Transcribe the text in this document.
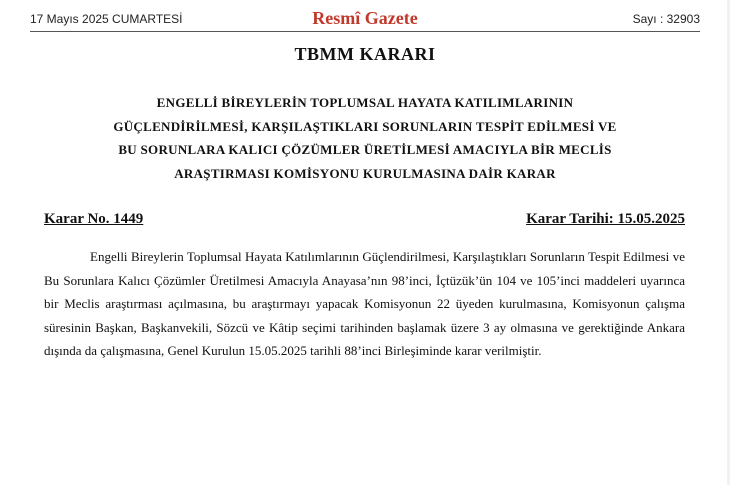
17 Mayıs 2025 CUMARTESİ	Resmî Gazete	Sayı : 32903
TBMM KARARI
ENGELLİ BİREYLERİN TOPLUMSAL HAYATA KATILIMLARININ
GÜÇLENDİRİLMESİ, KARŞILAŞTIKLARI SORUNLARIN TESPİT EDİLMESİ VE
BU SORUNLARA KALICI ÇÖZÜMLER ÜRETİLMESİ AMACIYLA BİR MECLİS
ARAŞTIRMASI KOMİSYONU KURULMASINA DAİR KARAR
Karar No. 1449	Karar Tarihi: 15.05.2025
Engelli Bireylerin Toplumsal Hayata Katılımlarının Güçlendirilmesi, Karşılaştıkları Sorunların Tespit Edilmesi ve Bu Sorunlara Kalıcı Çözümler Üretilmesi Amacıyla Anayasa’nın 98’inci, İçtüzük’ün 104 ve 105’inci maddeleri uyarınca bir Meclis araştırması açılmasına, bu araştırmayı yapacak Komisyonun 22 üyeden kurulmasına, Komisyonun çalışma süresinin Başkan, Başkanvekili, Sözcü ve Kâtip seçimi tarihinden başlamak üzere 3 ay olmasına ve gerektiğinde Ankara dışında da çalışmasına, Genel Kurulun 15.05.2025 tarihli 88’inci Birleşiminde karar verilmiştir.
